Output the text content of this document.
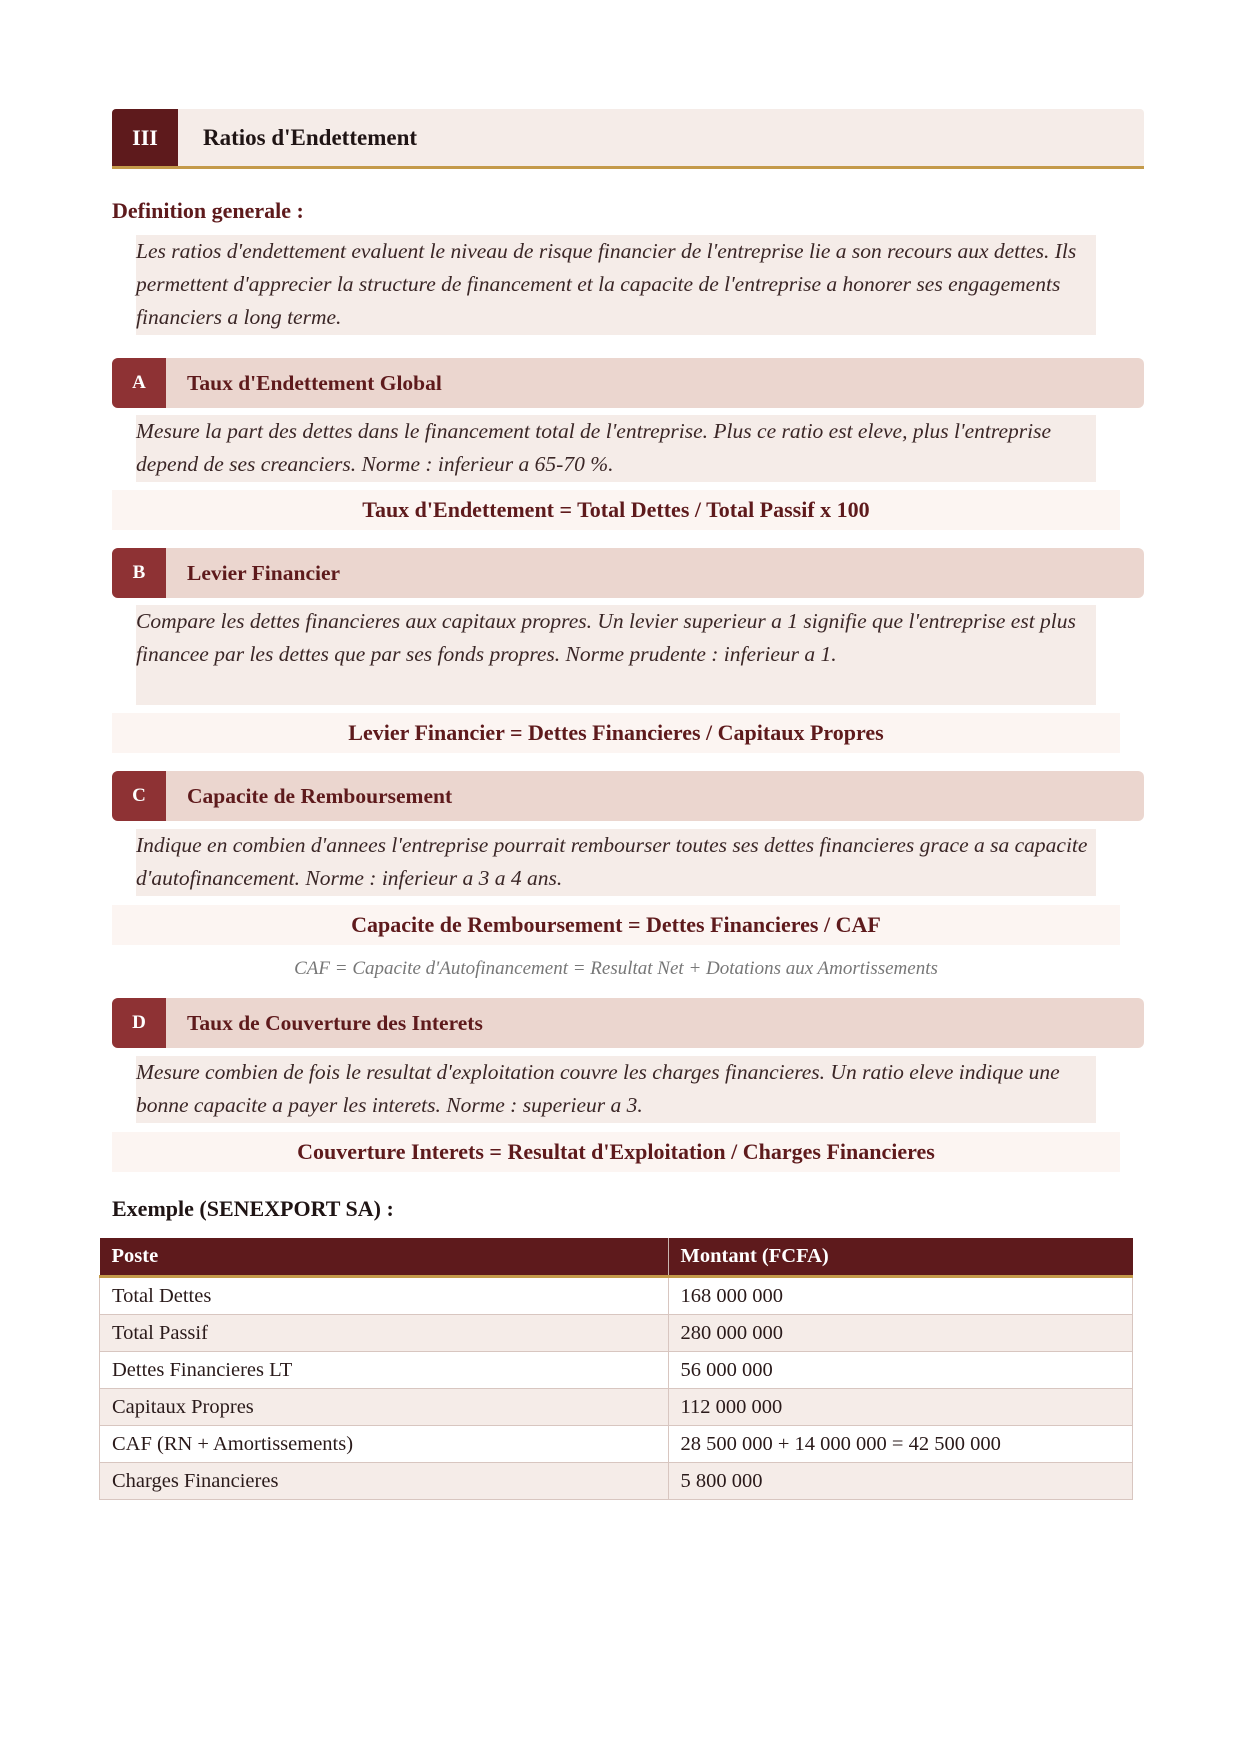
III	Ratios d'Endettement
Definition generale :
Les ratios d'endettement evaluent le niveau de risque financier de l'entreprise lie a son recours aux dettes. Ils permettent d'apprecier la structure de financement et la capacite de l'entreprise a honorer ses engagements financiers a long terme.
A	Taux d'Endettement Global
Mesure la part des dettes dans le financement total de l'entreprise. Plus ce ratio est eleve, plus l'entreprise depend de ses creanciers. Norme : inferieur a 65-70 %.
Taux d'Endettement = Total Dettes / Total Passif x 100
B	Levier Financier
Compare les dettes financieres aux capitaux propres. Un levier superieur a 1 signifie que l'entreprise est plus financee par les dettes que par ses fonds propres. Norme prudente : inferieur a 1.
Levier Financier = Dettes Financieres / Capitaux Propres
C	Capacite de Remboursement
Indique en combien d'annees l'entreprise pourrait rembourser toutes ses dettes financieres grace a sa capacite d'autofinancement. Norme : inferieur a 3 a 4 ans.
Capacite de Remboursement = Dettes Financieres / CAF
CAF = Capacite d'Autofinancement = Resultat Net + Dotations aux Amortissements
D	Taux de Couverture des Interets
Mesure combien de fois le resultat d'exploitation couvre les charges financieres. Un ratio eleve indique une bonne capacite a payer les interets. Norme : superieur a 3.
Couverture Interets = Resultat d'Exploitation / Charges Financieres
Exemple (SENEXPORT SA) :
Poste	Montant (FCFA)
Total Dettes	168 000 000
Total Passif	280 000 000
Dettes Financieres LT	56 000 000
Capitaux Propres	112 000 000
CAF (RN + Amortissements)	28 500 000 + 14 000 000 = 42 500 000
Charges Financieres	5 800 000
